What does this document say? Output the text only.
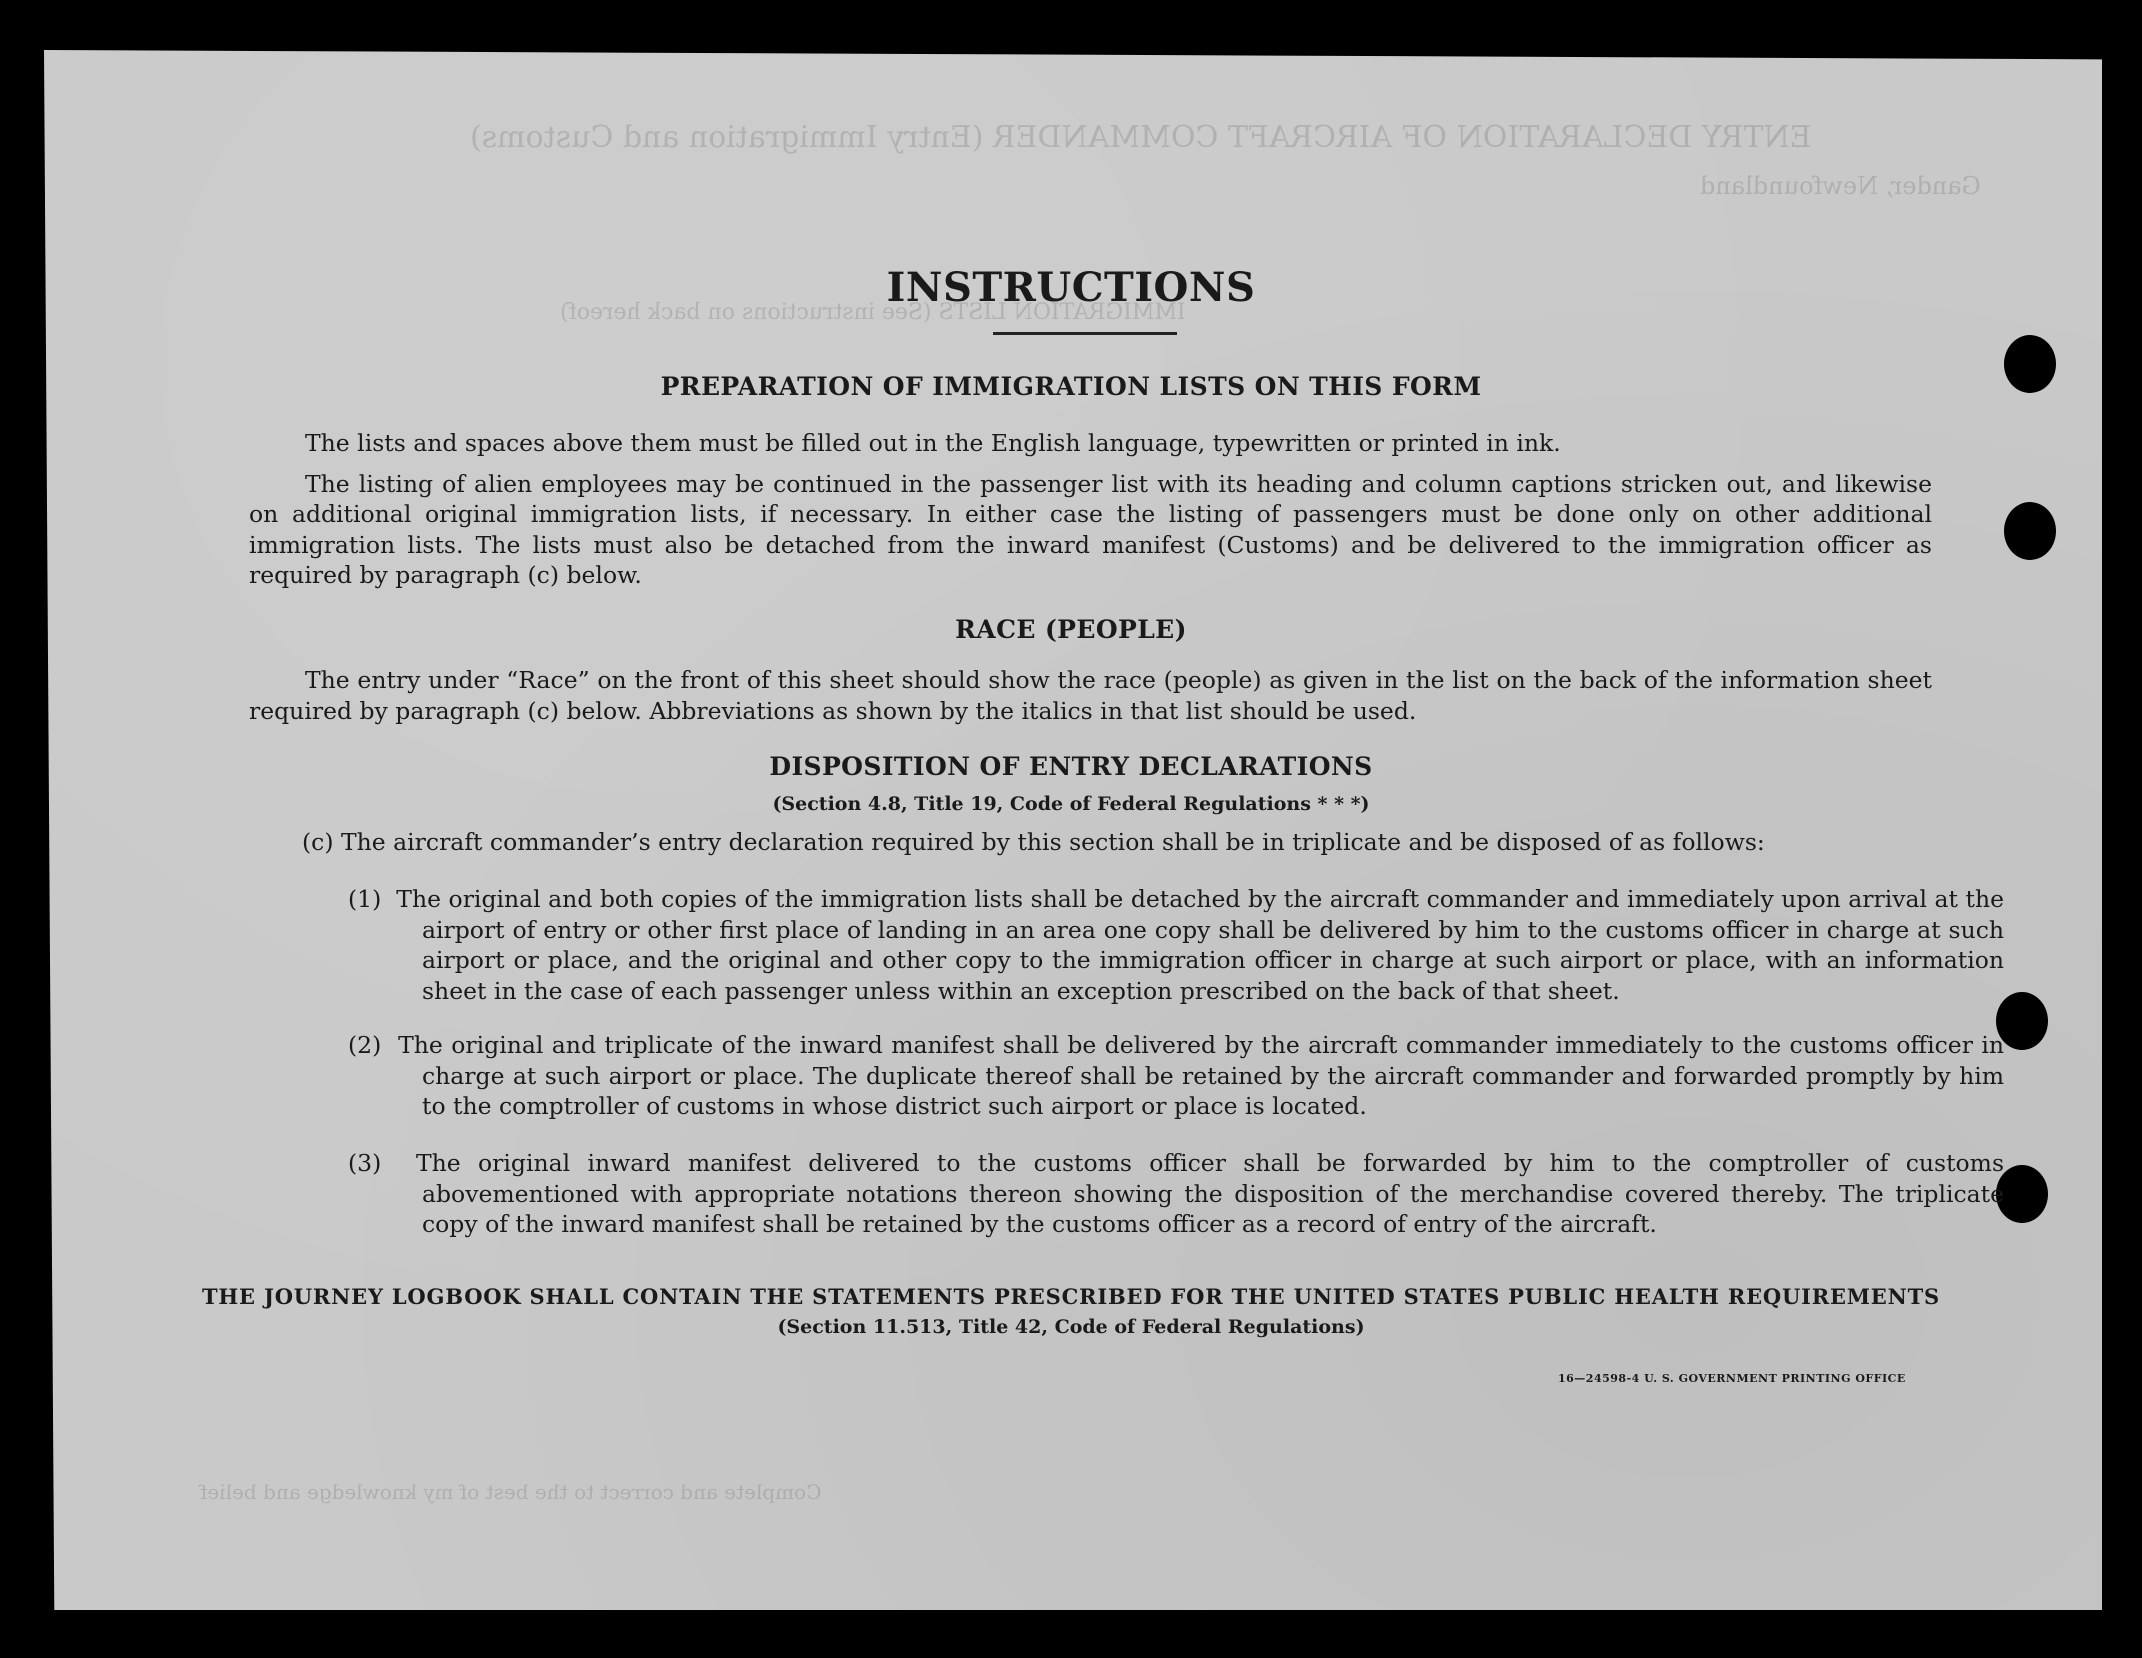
ENTRY DECLARATION OF AIRCRAFT COMMANDER (Entry Immigration and Customs)
Gander, Newfoundland
IMMIGRATION LISTS (See instructions on back hereof)
Complete and correct to the best of my knowledge and belief
INSTRUCTIONS
PREPARATION OF IMMIGRATION LISTS ON THIS FORM

The lists and spaces above them must be filled out in the English language, typewritten or printed in ink.

The listing of alien employees may be continued in the passenger list with its heading and column captions stricken out, and likewise on additional original immigration lists, if necessary. In either case the listing of passengers must be done only on other additional immigration lists. The lists must also be detached from the inward manifest (Customs) and be delivered to the immigration officer as required by paragraph (c) below.

RACE (PEOPLE)

The entry under “Race” on the front of this sheet should show the race (people) as given in the list on the back of the information sheet required by paragraph (c) below. Abbreviations as shown by the italics in that list should be used.

DISPOSITION OF ENTRY DECLARATIONS
(Section 4.8, Title 19, Code of Federal Regulations * * *)
(c) The aircraft commander’s entry declaration required by this section shall be in triplicate and be disposed of as follows:
(1)  The original and both copies of the immigration lists shall be detached by the aircraft commander and immediately upon arrival at the airport of entry or other first place of landing in an area one copy shall be delivered by him to the customs officer in charge at such airport or place, and the original and other copy to the immigration officer in charge at such airport or place, with an information sheet in the case of each passenger unless within an exception prescribed on the back of that sheet.
(2)  The original and triplicate of the inward manifest shall be delivered by the aircraft commander immediately to the customs officer in charge at such airport or place. The duplicate thereof shall be retained by the aircraft commander and forwarded promptly by him to the comptroller of customs in whose district such airport or place is located.
(3)  The original inward manifest delivered to the customs officer shall be forwarded by him to the comptroller of customs abovementioned with appropriate notations thereon showing the disposition of the merchandise covered thereby. The triplicate copy of the inward manifest shall be retained by the customs officer as a record of entry of the aircraft.
THE JOURNEY LOGBOOK SHALL CONTAIN THE STATEMENTS PRESCRIBED FOR THE UNITED STATES PUBLIC HEALTH REQUIREMENTS
(Section 11.513, Title 42, Code of Federal Regulations)
16—24598-4 U. S. GOVERNMENT PRINTING OFFICE
